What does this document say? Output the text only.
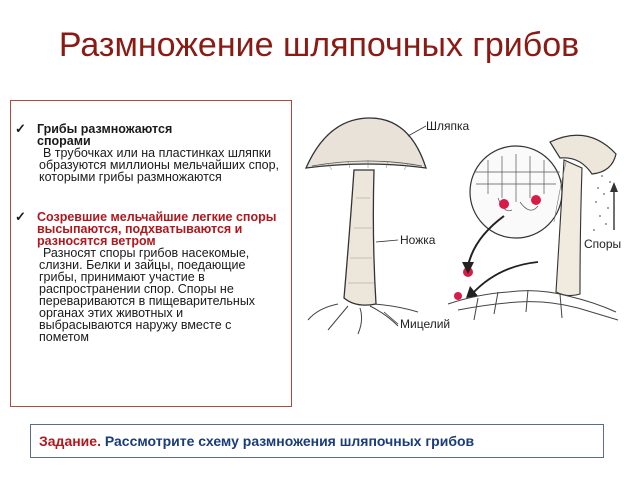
Размножение шляпочных грибов
✓ Грибы размножаются спорами
В трубочках или на пластинках шляпки образуются миллионы мельчайших спор, которыми грибы размножаются
✓ Созревшие мельчайшие легкие споры высыпаются, подхватываются и разносятся ветром
Разносят споры грибов насекомые, слизни. Белки и зайцы, поедающие грибы, принимают участие в распространении спор. Споры не перевариваются в пищеварительных органах этих животных и выбрасываются наружу вместе с пометом
Шляпка
Ножка
Мицелий
Споры
Задание. Рассмотрите схему размножения шляпочных грибов
